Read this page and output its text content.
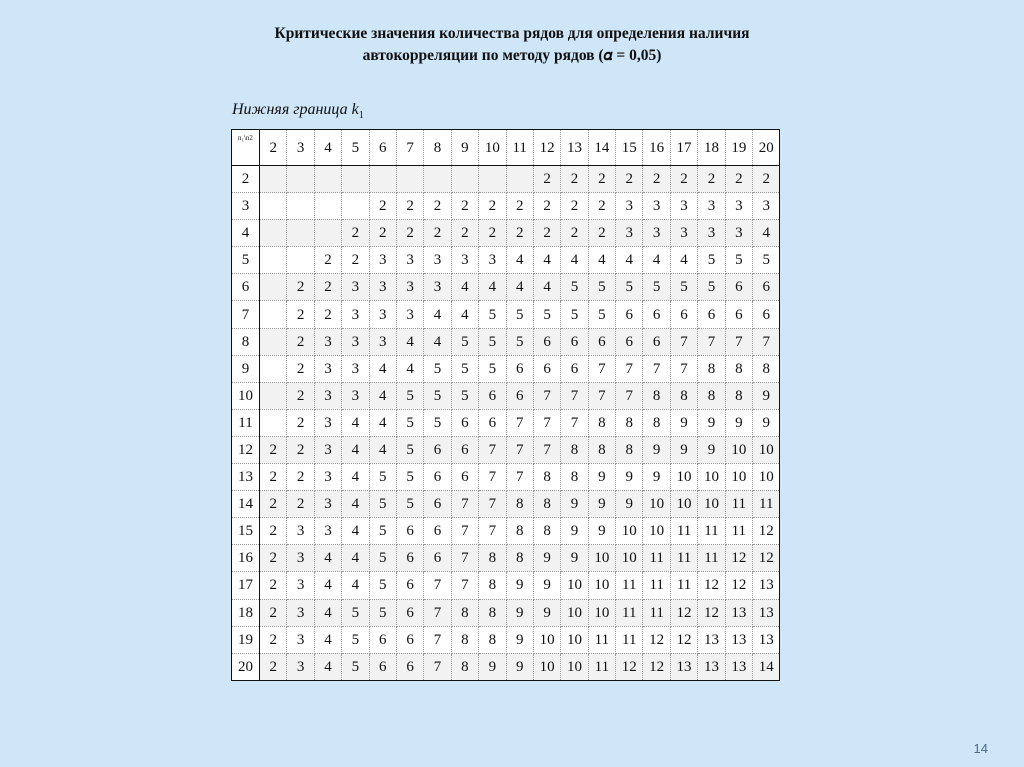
Критические значения количества рядов для определения наличия
автокорреляции по методу рядов (𝛼 = 0,05)
Нижняя граница $k_1$
n₁\n2	2	3	4	5	6	7	8	9	10	11	12	13	14	15	16	17	18	19	20
2											2	2	2	2	2	2	2	2	2
3					2	2	2	2	2	2	2	2	2	3	3	3	3	3	3
4				2	2	2	2	2	2	2	2	2	2	3	3	3	3	3	4
5			2	2	3	3	3	3	3	4	4	4	4	4	4	4	5	5	5
6		2	2	3	3	3	3	4	4	4	4	5	5	5	5	5	5	6	6
7		2	2	3	3	3	4	4	5	5	5	5	5	6	6	6	6	6	6
8		2	3	3	3	4	4	5	5	5	6	6	6	6	6	7	7	7	7
9		2	3	3	4	4	5	5	5	6	6	6	7	7	7	7	8	8	8
10		2	3	3	4	5	5	5	6	6	7	7	7	7	8	8	8	8	9
11		2	3	4	4	5	5	6	6	7	7	7	8	8	8	9	9	9	9
12	2	2	3	4	4	5	6	6	7	7	7	8	8	8	9	9	9	10	10
13	2	2	3	4	5	5	6	6	7	7	8	8	9	9	9	10	10	10	10
14	2	2	3	4	5	5	6	7	7	8	8	9	9	9	10	10	10	11	11
15	2	3	3	4	5	6	6	7	7	8	8	9	9	10	10	11	11	11	12
16	2	3	4	4	5	6	6	7	8	8	9	9	10	10	11	11	11	12	12
17	2	3	4	4	5	6	7	7	8	9	9	10	10	11	11	11	12	12	13
18	2	3	4	5	5	6	7	8	8	9	9	10	10	11	11	12	12	13	13
19	2	3	4	5	6	6	7	8	8	9	10	10	11	11	12	12	13	13	13
20	2	3	4	5	6	6	7	8	9	9	10	10	11	12	12	13	13	13	14
14
